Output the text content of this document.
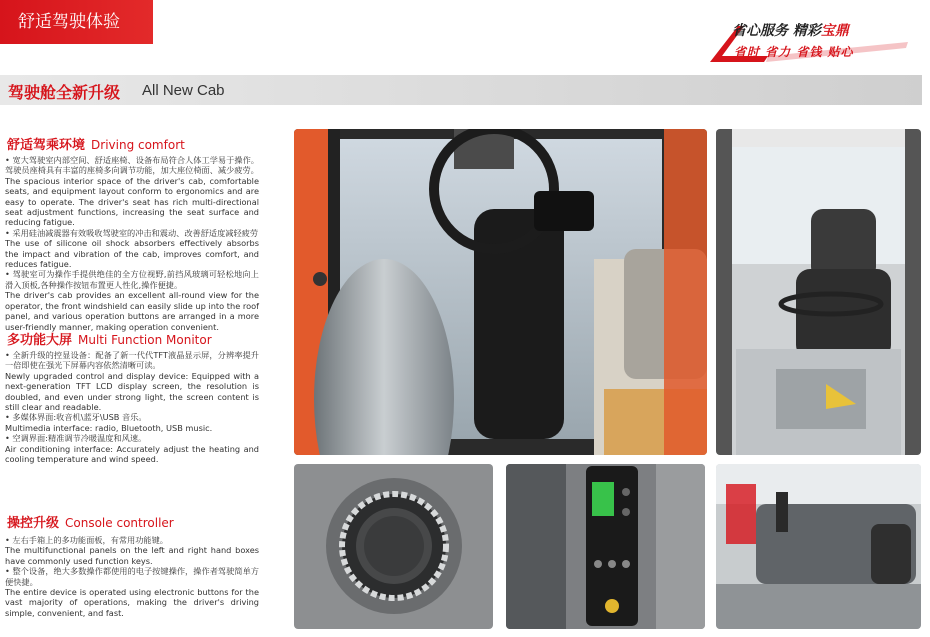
舒适驾驶体验	省心服务 精彩宝鼎
省时 省力 省钱 贴心
驾驶舱全新升级 All New Cab
舒适驾乘环境 Driving comfort

• 宽大驾驶室内部空间、舒适座椅、设备布局符合人体工学易于操作。驾驶员座椅具有丰富的座椅多向调节功能，加大座位椅面、减少疲劳。

The spacious interior space of the driver's cab, comfortable seats, and equipment layout conform to ergonomics and are easy to operate. The driver's seat has rich multi-directional seat adjustment functions, increasing the seat surface and reducing fatigue.

• 采用硅油减震器有效吸收驾驶室的冲击和震动、改善舒适度减轻疲劳

The use of silicone oil shock absorbers effectively absorbs the impact and vibration of the cab, improves comfort, and reduces fatigue.

• 驾驶室可为操作手提供绝佳的全方位视野,前挡风玻璃可轻松地向上滑入顶板,各种操作按钮布置更人性化,操作便捷。

The driver's cab provides an excellent all-round view for the operator, the front windshield can easily slide up into the roof panel, and various operation buttons are arranged in a more user-friendly manner, making operation convenient.

多功能大屏 Multi Function Monitor

• 全新升级的控显设备：配备了新一代代TFT液晶显示屏，分辨率提升一倍即使在强光下屏幕内容依然清晰可读。

Newly upgraded control and display device: Equipped with a next-generation TFT LCD display screen, the resolution is doubled, and even under strong light, the screen content is still clear and readable.

• 多媒体界面:收音机\蓝牙\USB 音乐。

Multimedia interface: radio, Bluetooth, USB music.

• 空调界面:精准调节冷暖温度和风速。

Air conditioning interface: Accurately adjust the heating and cooling temperature and wind speed.

操控升级 Console controller

• 左右手箱上的多功能面板，有常用功能键。

The multifunctional panels on the left and right hand boxes have commonly used function keys.

• 整个设备，绝大多数操作都使用的电子按键操作，操作者驾驶简单方便快捷。

The entire device is operated using electronic buttons for the vast majority of operations, making the driver's driving simple, convenient, and fast.
